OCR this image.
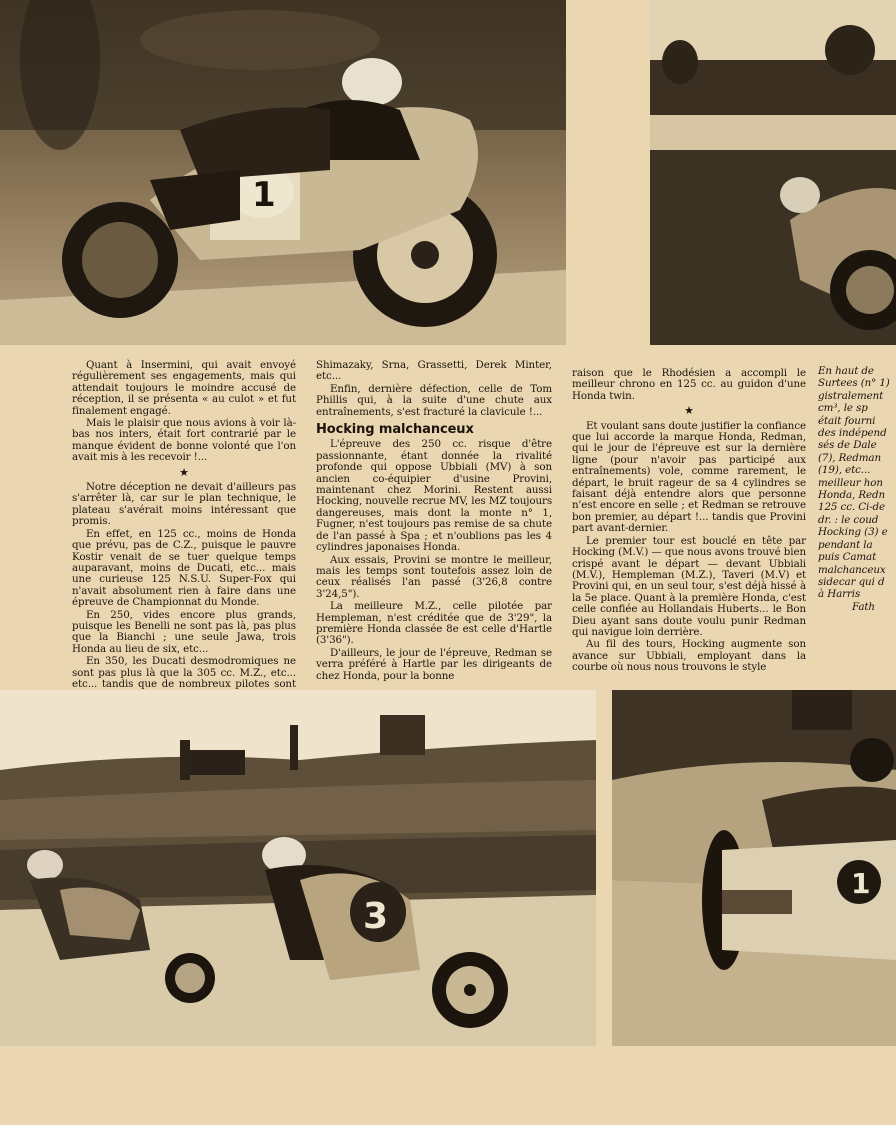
1

Quant à Insermini, qui avait envoyé régulièrement ses engagements, mais qui attendait toujours le moindre accusé de réception, il se présenta « au culot » et fut finalement engagé.

Mais le plaisir que nous avions à voir là-bas nos inters, était fort contrarié par le manque évident de bonne volonté que l'on avait mis à les recevoir !...

★

Notre déception ne devait d'ailleurs pas s'arrêter là, car sur le plan technique, le plateau s'avérait moins intéressant que promis.

En effet, en 125 cc., moins de Honda que prévu, pas de C.Z., puisque le pauvre Kostir venait de se tuer quelque temps auparavant, moins de Ducati, etc... mais une curieuse 125 N.S.U. Super-Fox qui n'avait absolument rien à faire dans une épreuve de Championnat du Monde.

En 250, vides encore plus grands, puisque les Benelli ne sont pas là, pas plus que la Bianchi ; une seule Jawa, trois Honda au lieu de six, etc...

En 350, les Ducati desmodromiques ne sont pas plus là que la 305 cc. M.Z., etc... etc... tandis que de nombreux pilotes sont

Shimazaky, Srna, Grassetti, Derek Minter, etc...

Enfin, dernière défection, celle de Tom Phillis qui, à la suite d'une chute aux entraînements, s'est fracturé la clavicule !...

Hocking malchanceux

L'épreuve des 250 cc. risque d'être passionnante, étant donnée la rivalité profonde qui oppose Ubbiali (MV) à son ancien co-équipier d'usine Provini, maintenant chez Morini. Restent aussi Hocking, nouvelle recrue MV, les MZ toujours dangereuses, mais dont la monte n° 1, Fugner, n'est toujours pas remise de sa chute de l'an passé à Spa ; et n'oublions pas les 4 cylindres japonaises Honda.

Aux essais, Provini se montre le meilleur, mais les temps sont toutefois assez loin de ceux réalisés l'an passé (3'26,8 contre 3'24,5").

La meilleure M.Z., celle pilotée par Hempleman, n'est créditée que de 3'29", la première Honda classée 8e est celle d'Hartle (3'36").

D'ailleurs, le jour de l'épreuve, Redman se verra préféré à Hartle par les dirigeants de chez Honda, pour la bonne

raison que le Rhodésien a accompli le meilleur chrono en 125 cc. au guidon d'une Honda twin.

★

Et voulant sans doute justifier la confiance que lui accorde la marque Honda, Redman, qui le jour de l'épreuve est sur la dernière ligne (pour n'avoir pas participé aux entraînements) vole, comme rarement, le départ, le bruit rageur de sa 4 cylindres se faisant déjà entendre alors que personne n'est encore en selle ; et Redman se retrouve bon premier, au départ !... tandis que Provini part avant-dernier.

Le premier tour est bouclé en tête par Hocking (M.V.) — que nous avons trouvé bien crispé avant le départ — devant Ubbiali (M.V.), Hempleman (M.Z.), Taveri (M.V) et Provini qui, en un seul tour, s'est déjà hissé à la 5e place. Quant à la première Honda, c'est celle confiée au Hollandais Huberts... le Bon Dieu ayant sans doute voulu punir Redman qui navigue loin derrière.

Au fil des tours, Hocking augmente son avance sur Ubbiali, employant dans la courbe où nous nous trouvons le style

En haut de

Surtees (n° 1)

gistralement

cm³, le sp

était fourni

des indépend

sés de Dale

(7), Redman

(19), etc...

meilleur hon

Honda, Redn

125 cc. Ci-de

dr. : le coud

Hocking (3) e

pendant la

puis Camat

malchanceux

sidecar qui d

à Harris

Fath

3
1
